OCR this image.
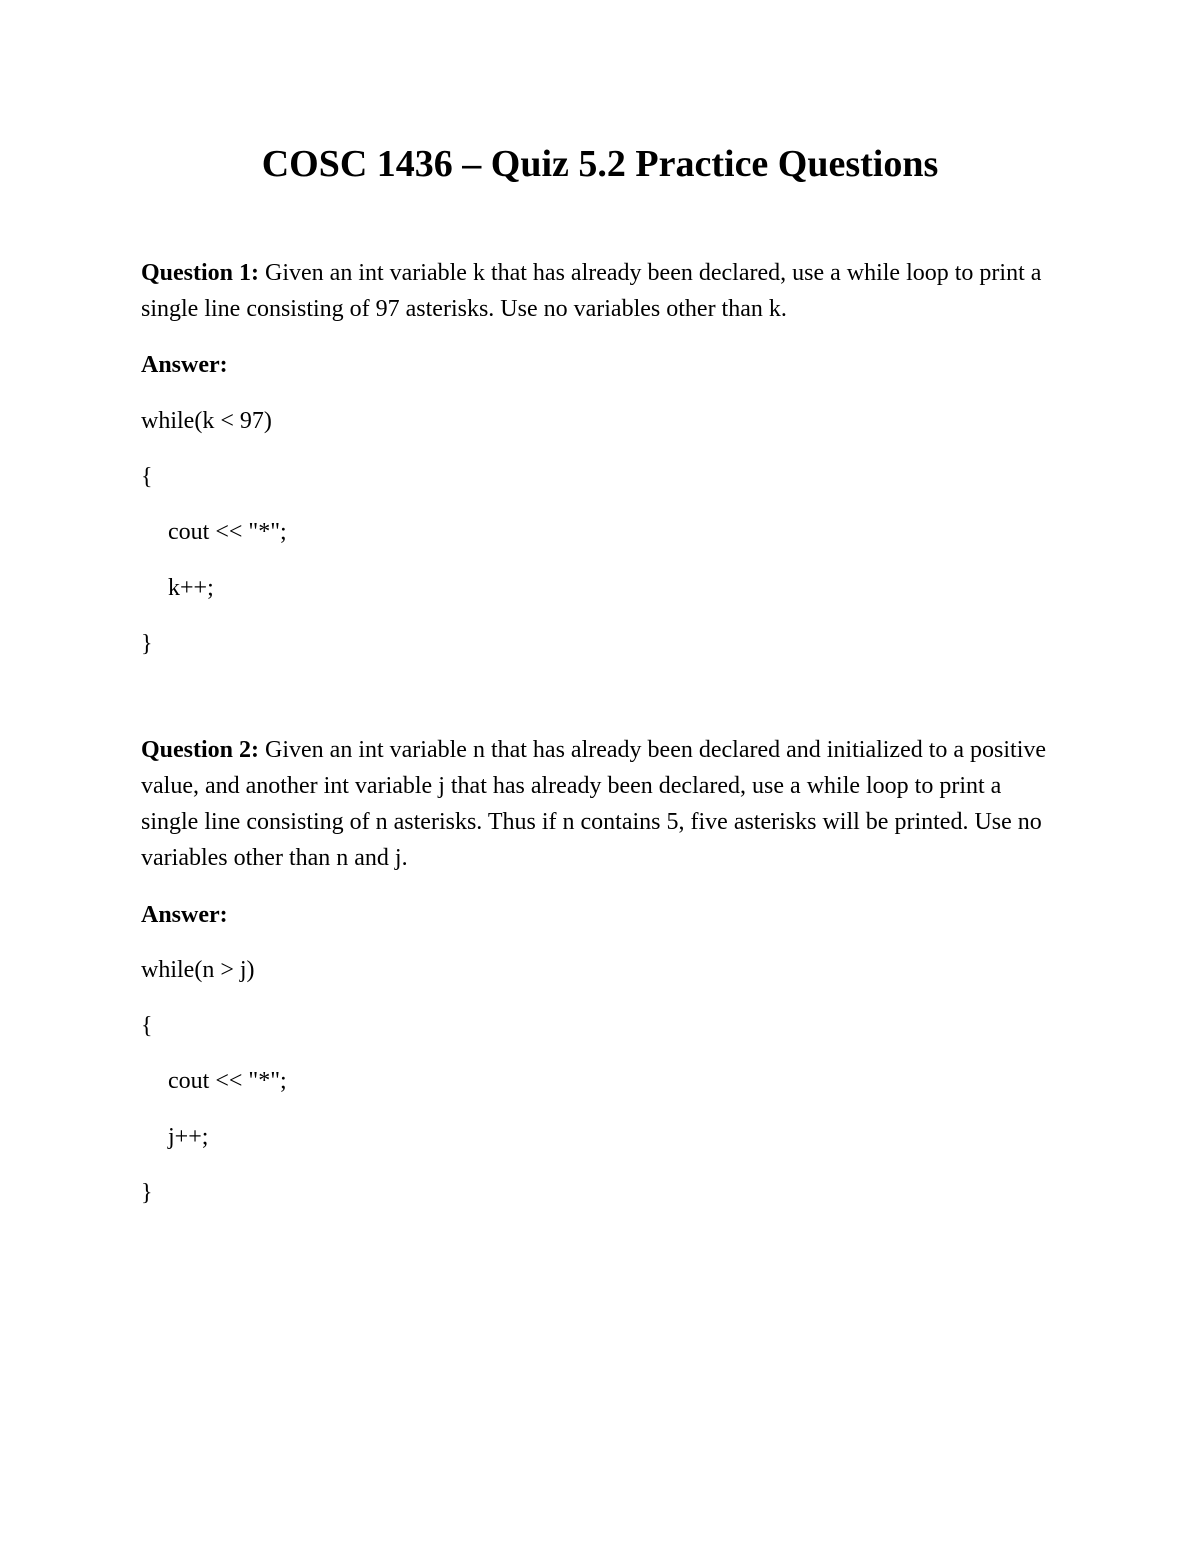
COSC 1436 – Quiz 5.2 Practice Questions

Question 1: Given an int variable k that has already been declared, use a while loop to print a single line consisting of 97 asterisks. Use no variables other than k.

Answer:

while(k < 97)

{

cout << "*";

k++;

}

Question 2: Given an int variable n that has already been declared and initialized to a positive value, and another int variable j that has already been declared, use a while loop to print a single line consisting of n asterisks. Thus if n contains 5, five asterisks will be printed. Use no variables other than n and j.

Answer:

while(n > j)

{

cout << "*";

j++;

}
